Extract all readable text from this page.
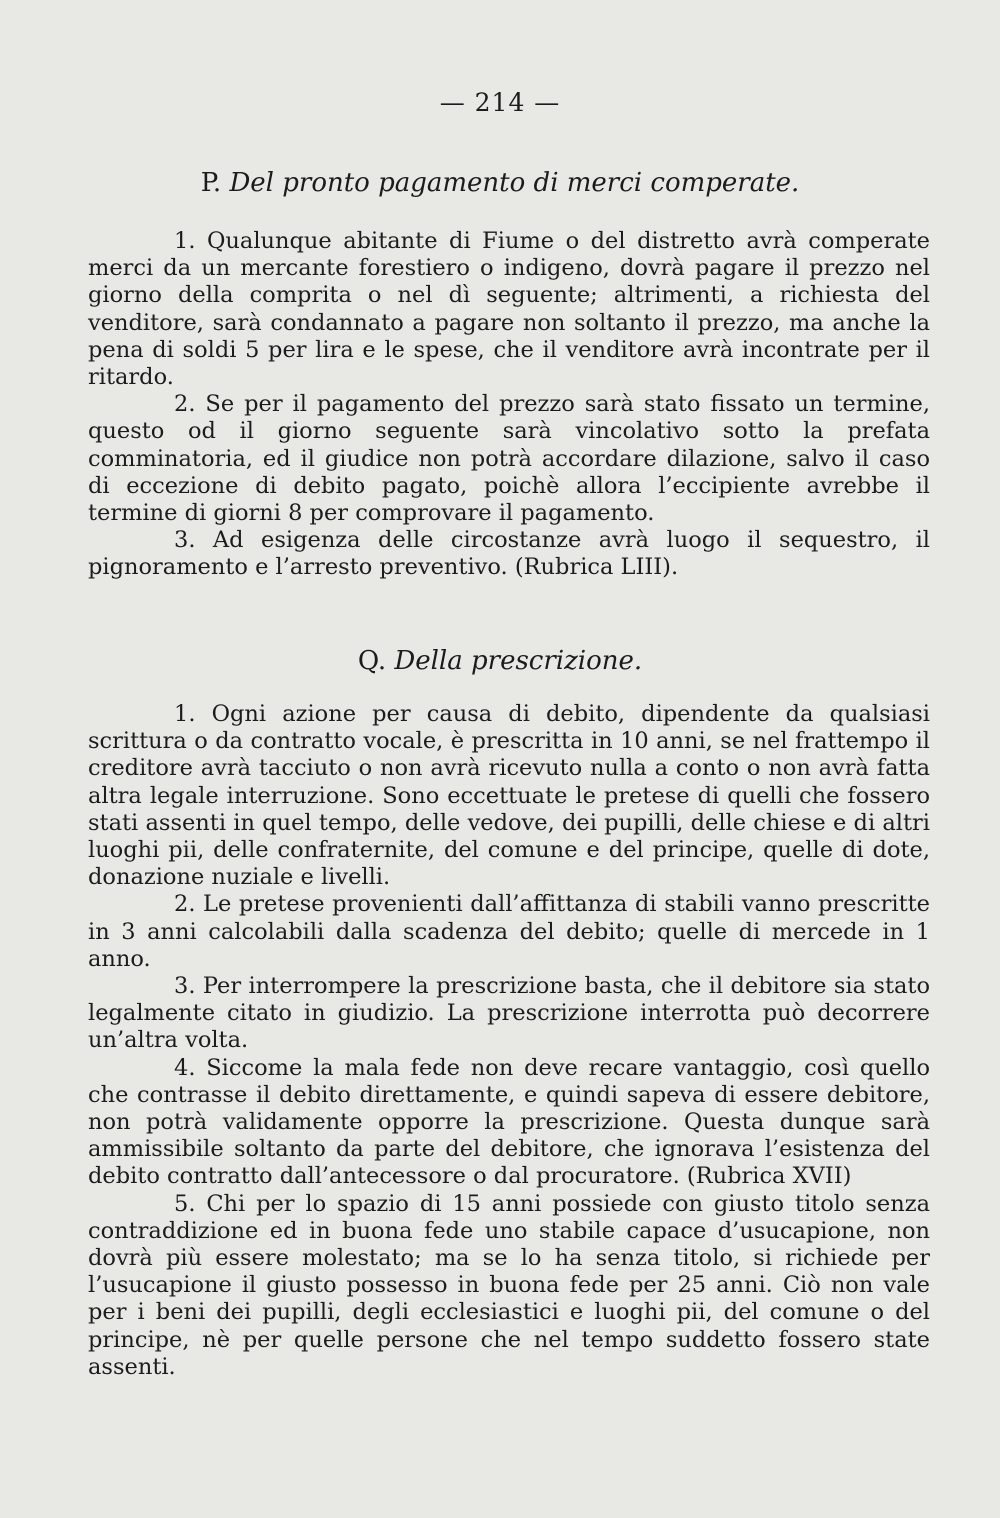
— 214 —
P. Del pronto pagamento di merci comperate.

1. Qualunque abitante di Fiume o del distretto avrà comperate merci da un mercante forestiero o indigeno, dovrà pagare il prezzo nel giorno della comprita o nel dì seguente; altrimenti, a richiesta del venditore, sarà condannato a pagare non soltanto il prezzo, ma anche la pena di soldi 5 per lira e le spese, che il venditore avrà incontrate per il ritardo.

2. Se per il pagamento del prezzo sarà stato fissato un termine, questo od il giorno seguente sarà vincolativo sotto la prefata comminatoria, ed il giudice non potrà accordare dilazione, salvo il caso di eccezione di debito pagato, poichè allora l’eccipiente avrebbe il termine di giorni 8 per comprovare il pagamento.

3. Ad esigenza delle circostanze avrà luogo il sequestro, il pignoramento e l’arresto preventivo. (Rubrica LIII).

Q. Della prescrizione.

1. Ogni azione per causa di debito, dipendente da qualsiasi scrittura o da contratto vocale, è prescritta in 10 anni, se nel frattempo il creditore avrà tacciuto o non avrà ricevuto nulla a conto o non avrà fatta altra legale interruzione. Sono eccettuate le pretese di quelli che fossero stati assenti in quel tempo, delle vedove, dei pupilli, delle chiese e di altri luoghi pii, delle confraternite, del comune e del principe, quelle di dote, donazione nuziale e livelli.

2. Le pretese provenienti dall’affittanza di stabili vanno prescritte in 3 anni calcolabili dalla scadenza del debito; quelle di mercede in 1 anno.

3. Per interrompere la prescrizione basta, che il debitore sia stato legalmente citato in giudizio. La prescrizione interrotta può decorrere un’altra volta.

4. Siccome la mala fede non deve recare vantaggio, così quello che contrasse il debito direttamente, e quindi sapeva di essere debitore, non potrà validamente opporre la prescrizione. Questa dunque sarà ammissibile soltanto da parte del debitore, che ignorava l’esistenza del debito contratto dall’antecessore o dal procuratore. (Rubrica XVII)

5. Chi per lo spazio di 15 anni possiede con giusto titolo senza contraddizione ed in buona fede uno stabile capace d’usucapione, non dovrà più essere molestato; ma se lo ha senza titolo, si richiede per l’usucapione il giusto possesso in buona fede per 25 anni. Ciò non vale per i beni dei pupilli, degli ecclesiastici e luoghi pii, del comune o del principe, nè per quelle persone che nel tempo suddetto fossero state assenti.
